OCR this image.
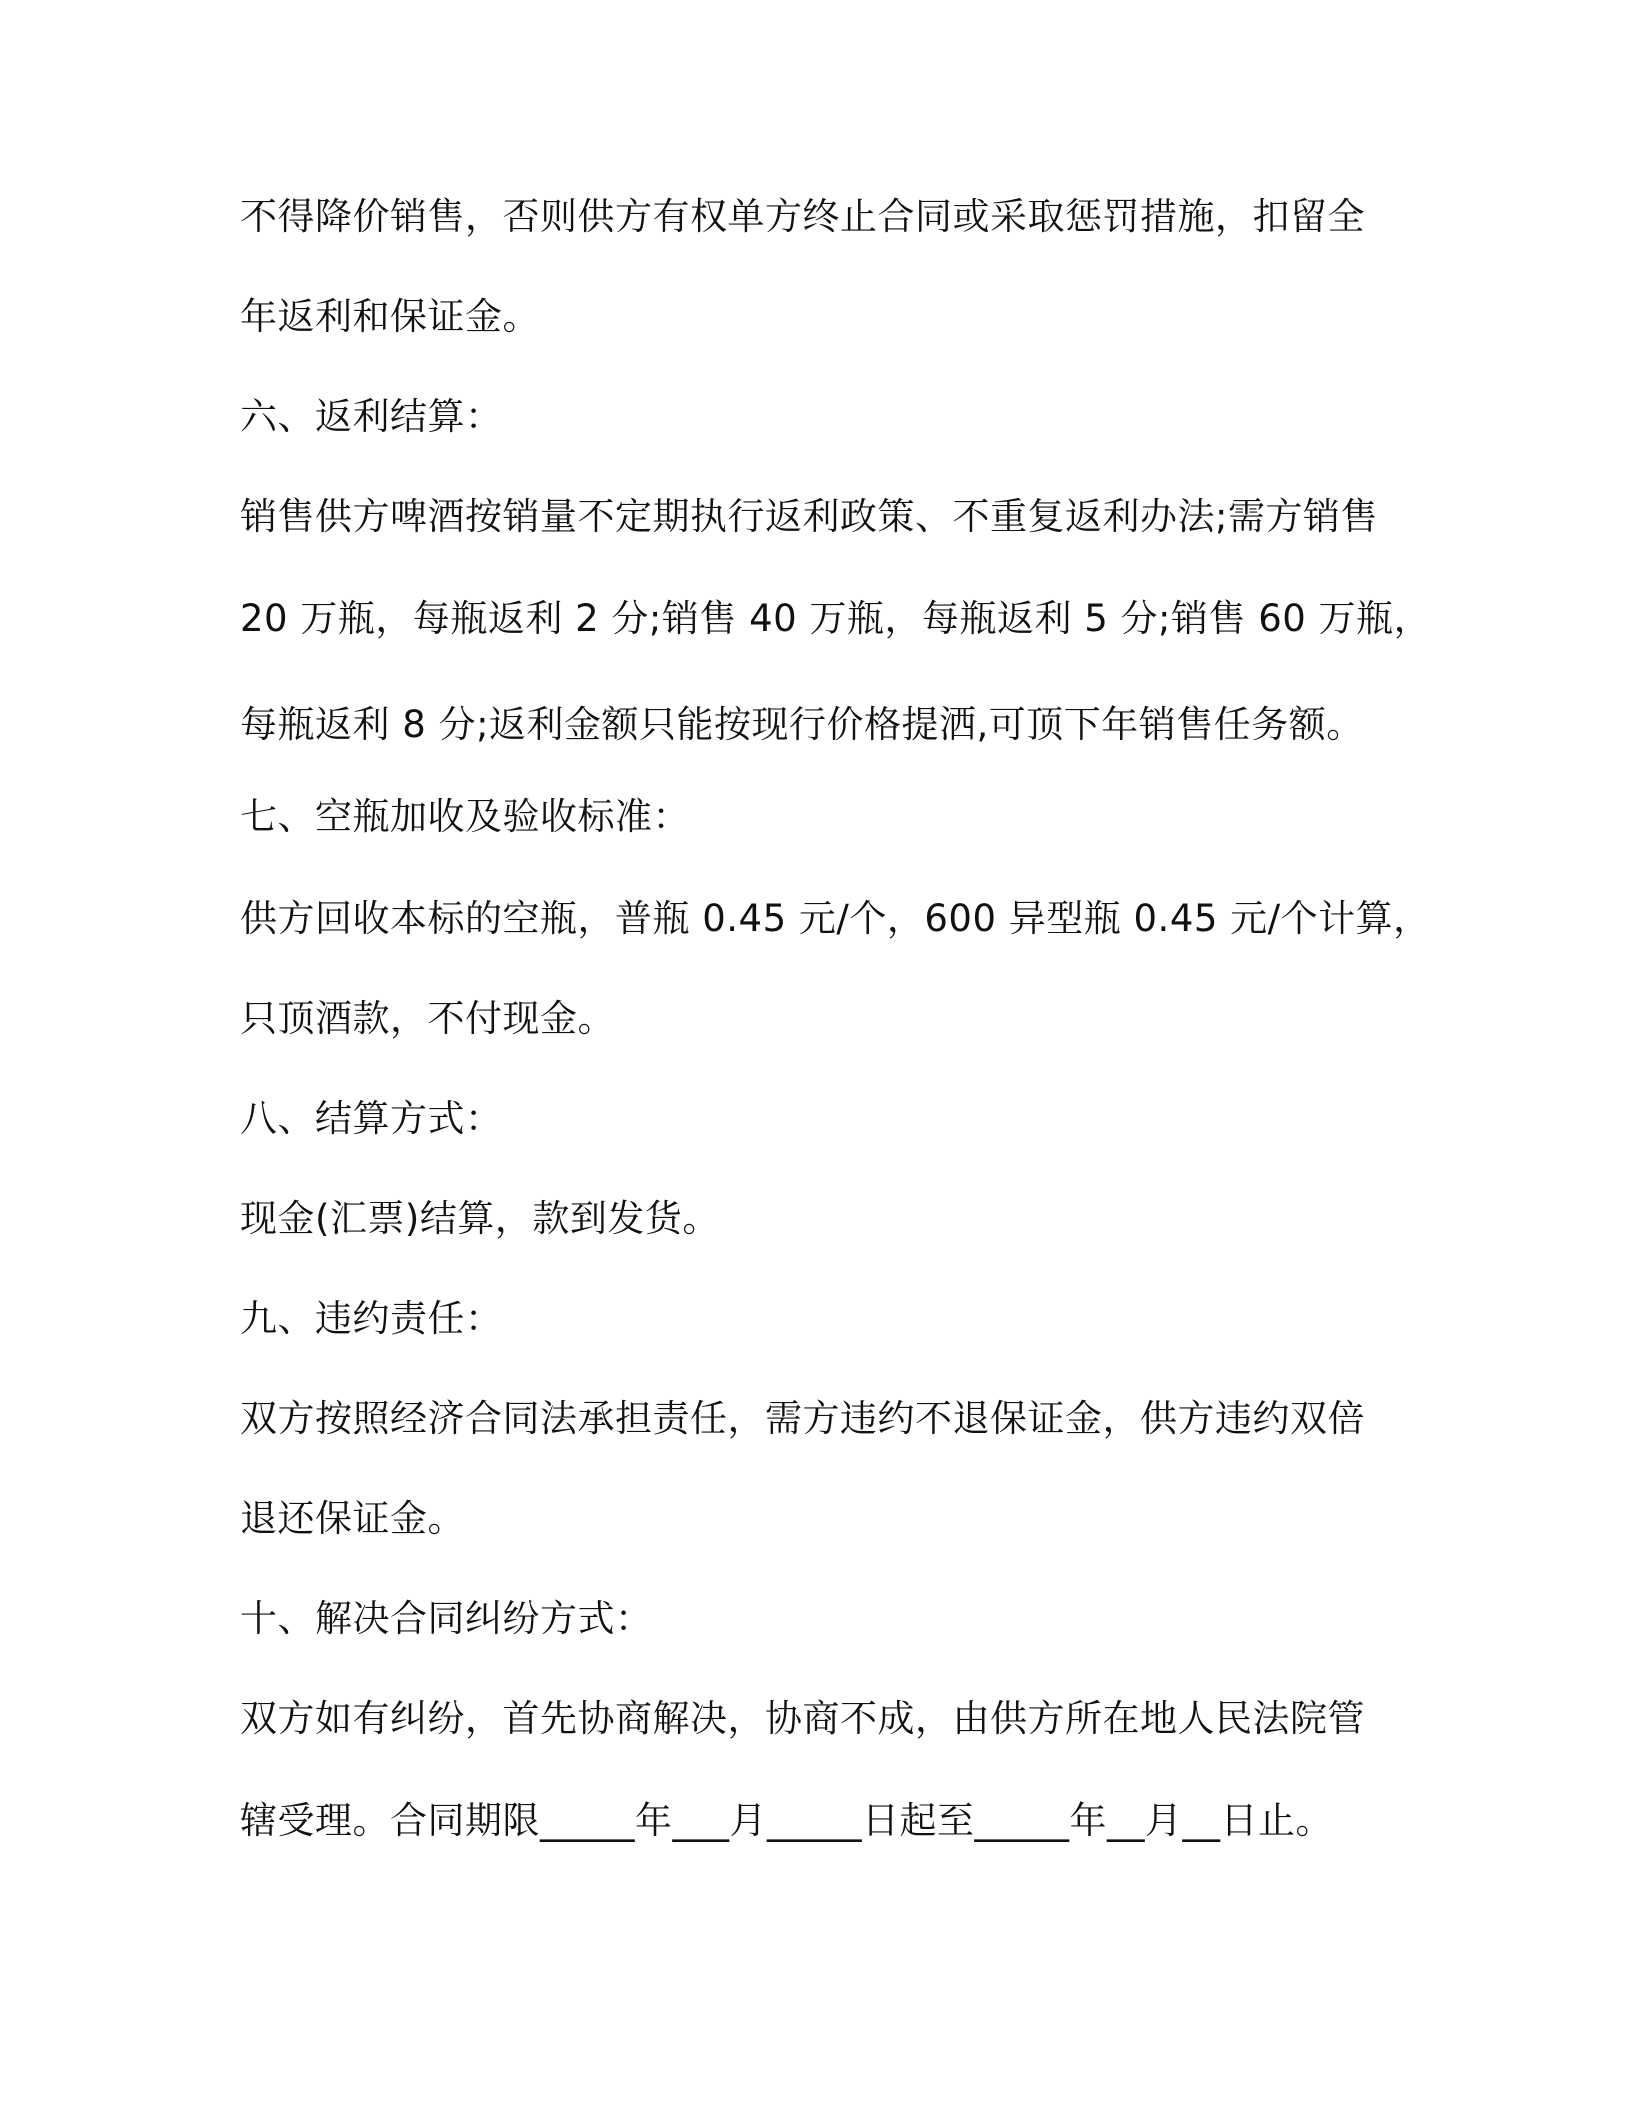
不得降价销售，否则供方有权单方终止合同或采取惩罚措施，扣留全
年返利和保证金。
六、返利结算：
销售供方啤酒按销量不定期执行返利政策、不重复返利办法;需方销售
20 万瓶，每瓶返利 2 分;销售 40 万瓶，每瓶返利 5 分;销售 60 万瓶，
每瓶返利 8 分;返利金额只能按现行价格提洒,可顶下年销售任务额。
七、空瓶加收及验收标准：
供方回收本标的空瓶，普瓶 0.45 元/个，600 异型瓶 0.45 元/个计算，
只顶酒款，不付现金。
八、结算方式：
现金(汇票)结算，款到发货。
九、违约责任：
双方按照经济合同法承担责任，需方违约不退保证金，供方违约双倍
退还保证金。
十、解决合同纠纷方式：
双方如有纠纷，首先协商解决，协商不成，由供方所在地人民法院管
辖受理。合同期限_____年___月_____日起至_____年__月__日止。
